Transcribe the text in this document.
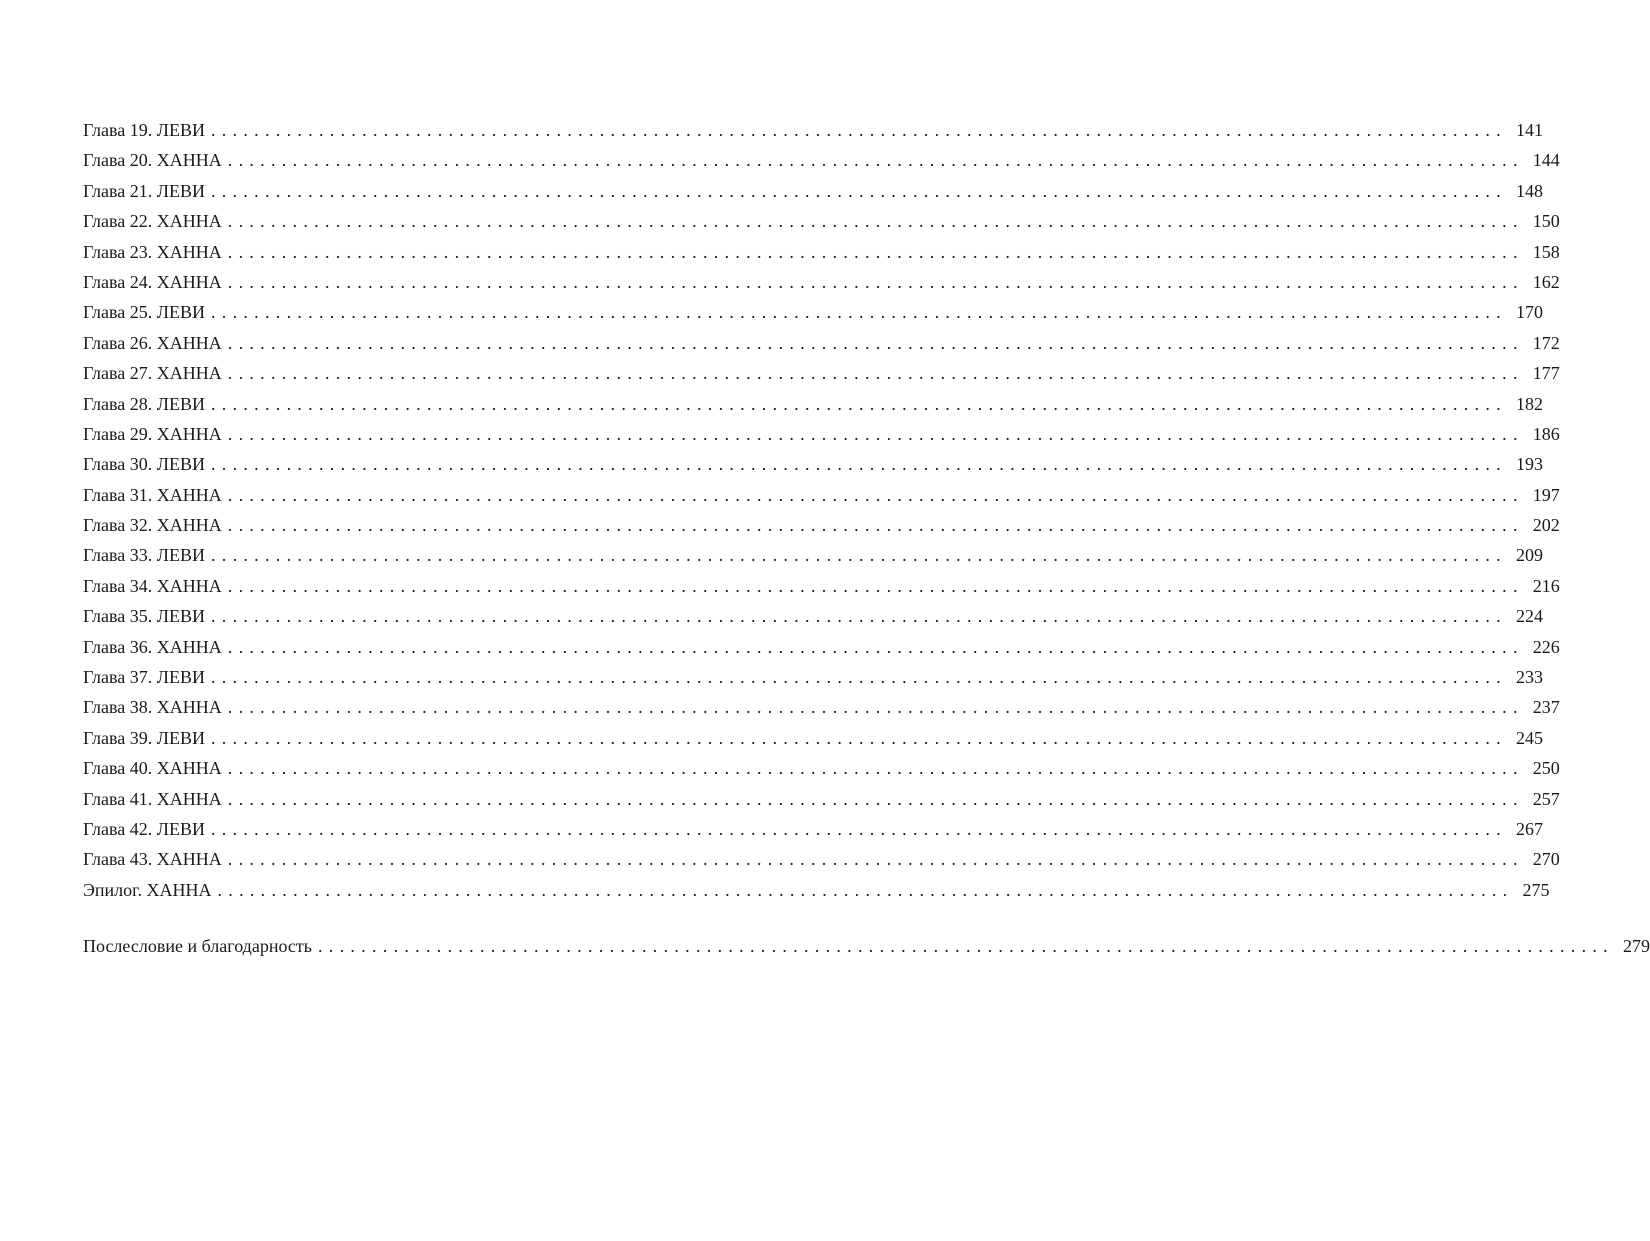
Глава 19. ЛЕВИ ........................................................................................................................ 141
Глава 20. ХАННА ........................................................................................................................ 144
Глава 21. ЛЕВИ ........................................................................................................................ 148
Глава 22. ХАННА ........................................................................................................................ 150
Глава 23. ХАННА ........................................................................................................................ 158
Глава 24. ХАННА ........................................................................................................................ 162
Глава 25. ЛЕВИ ........................................................................................................................ 170
Глава 26. ХАННА ........................................................................................................................ 172
Глава 27. ХАННА ........................................................................................................................ 177
Глава 28. ЛЕВИ ........................................................................................................................ 182
Глава 29. ХАННА ........................................................................................................................ 186
Глава 30. ЛЕВИ ........................................................................................................................ 193
Глава 31. ХАННА ........................................................................................................................ 197
Глава 32. ХАННА ........................................................................................................................ 202
Глава 33. ЛЕВИ ........................................................................................................................ 209
Глава 34. ХАННА ........................................................................................................................ 216
Глава 35. ЛЕВИ ........................................................................................................................ 224
Глава 36. ХАННА ........................................................................................................................ 226
Глава 37. ЛЕВИ ........................................................................................................................ 233
Глава 38. ХАННА ........................................................................................................................ 237
Глава 39. ЛЕВИ ........................................................................................................................ 245
Глава 40. ХАННА ........................................................................................................................ 250
Глава 41. ХАННА ........................................................................................................................ 257
Глава 42. ЛЕВИ ........................................................................................................................ 267
Глава 43. ХАННА ........................................................................................................................ 270
Эпилог. ХАННА ........................................................................................................................ 275
Послесловие и благодарность ........................................................................................................................ 279
